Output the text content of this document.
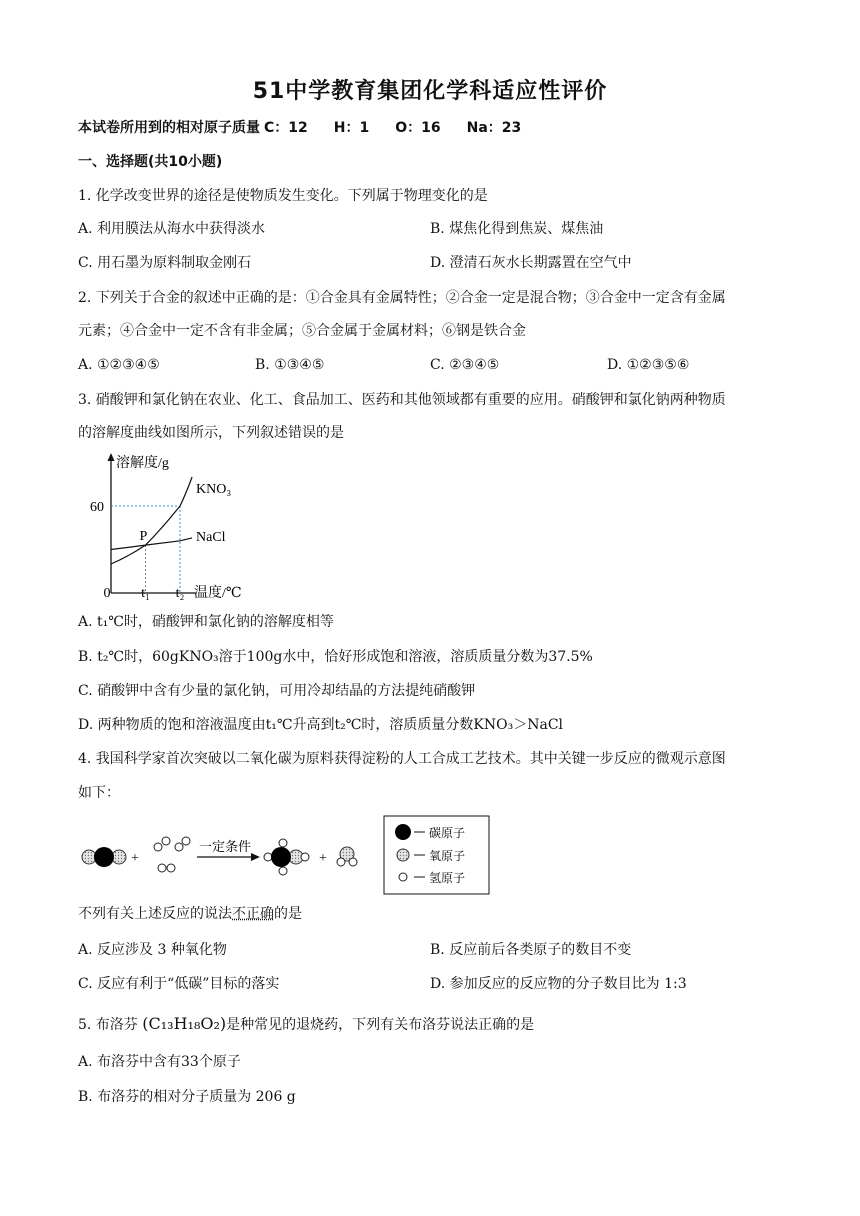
51中学教育集团化学科适应性评价
本试卷所用到的相对原子质量 C：12 H：1 O：16 Na：23
一、选择题(共10小题)
1. 化学改变世界的途径是使物质发生变化。下列属于物理变化的是
A. 利用膜法从海水中获得淡水	B. 煤焦化得到焦炭、煤焦油
C. 用石墨为原料制取金刚石	D. 澄清石灰水长期露置在空气中
2. 下列关于合金的叙述中正确的是：①合金具有金属特性；②合金一定是混合物；③合金中一定含有金属
元素；④合金中一定不含有非金属；⑤合金属于金属材料；⑥钢是铁合金
A. ①②③④⑤	B. ①③④⑤	C. ②③④⑤	D. ①②③⑤⑥
3. 硝酸钾和氯化钠在农业、化工、食品加工、医药和其他领域都有重要的应用。硝酸钾和氯化钠两种物质
的溶解度曲线如图所示，下列叙述错误的是
溶解度/g
温度/℃
60
0 t₁ t₂
KNO₃
NaCl
P
A. t₁℃时，硝酸钾和氯化钠的溶解度相等
B. t₂℃时，60gKNO₃溶于100g水中，恰好形成饱和溶液，溶质质量分数为37.5%
C. 硝酸钾中含有少量的氯化钠，可用冷却结晶的方法提纯硝酸钾
D. 两种物质的饱和溶液温度由t₁℃升高到t₂℃时，溶质质量分数KNO₃＞NaCl
4. 我国科学家首次突破以二氧化碳为原料获得淀粉的人工合成工艺技术。其中关键一步反应的微观示意图
如下：
+
一定条件
+
碳原子
氧原子
氢原子
不列有关上述反应的说法不正确的是
A. 反应涉及 3 种氧化物	B. 反应前后各类原子的数目不变
C. 反应有利于“低碳”目标的落实	D. 参加反应的反应物的分子数目比为 1:3
5. 布洛芬 (C₁₃H₁₈O₂)是种常见的退烧药，下列有关布洛芬说法正确的是
A. 布洛芬中含有33个原子
B. 布洛芬的相对分子质量为 206 g
